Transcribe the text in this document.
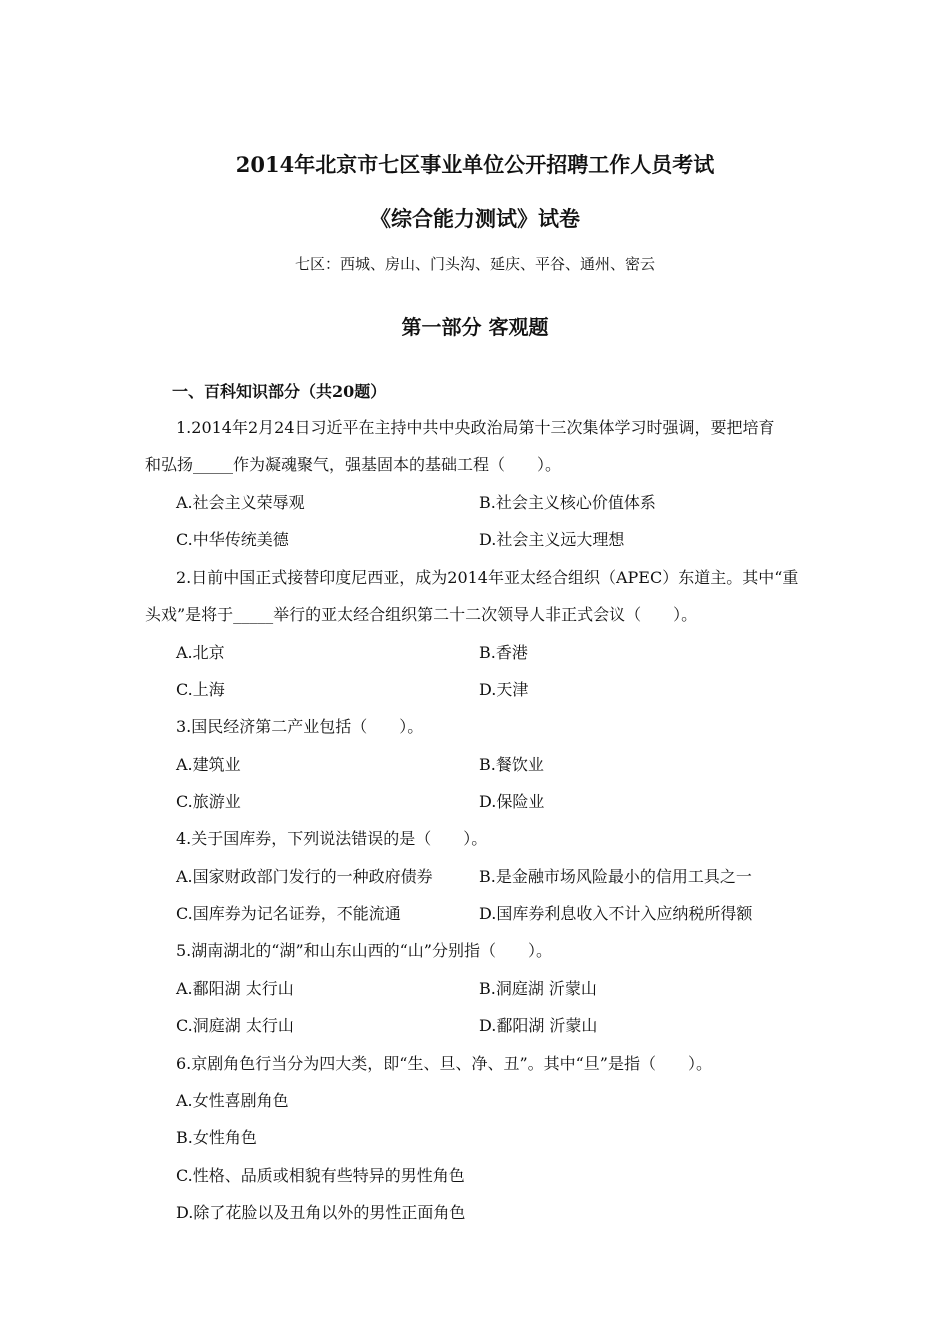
2014年北京市七区事业单位公开招聘工作人员考试
《综合能力测试》试卷
七区：西城、房山、门头沟、延庆、平谷、通州、密云
第一部分 客观题
一、百科知识部分（共20题）
1.2014年2月24日习近平在主持中共中央政治局第十三次集体学习时强调，要把培育
和弘扬_____作为凝魂聚气，强基固本的基础工程（　　）。
A.社会主义荣辱观	B.社会主义核心价值体系
C.中华传统美德	D.社会主义远大理想
2.日前中国正式接替印度尼西亚，成为2014年亚太经合组织（APEC）东道主。其中“重
头戏”是将于_____举行的亚太经合组织第二十二次领导人非正式会议（　　）。
A.北京	B.香港
C.上海	D.天津
3.国民经济第二产业包括（　　）。
A.建筑业	B.餐饮业
C.旅游业	D.保险业
4.关于国库券，下列说法错误的是（　　）。
A.国家财政部门发行的一种政府债券	B.是金融市场风险最小的信用工具之一
C.国库券为记名证券，不能流通	D.国库券利息收入不计入应纳税所得额
5.湖南湖北的“湖”和山东山西的“山”分别指（　　）。
A.鄱阳湖 太行山	B.洞庭湖 沂蒙山
C.洞庭湖 太行山	D.鄱阳湖 沂蒙山
6.京剧角色行当分为四大类，即“生、旦、净、丑”。其中“旦”是指（　　）。
A.女性喜剧角色
B.女性角色
C.性格、品质或相貌有些特异的男性角色
D.除了花脸以及丑角以外的男性正面角色
